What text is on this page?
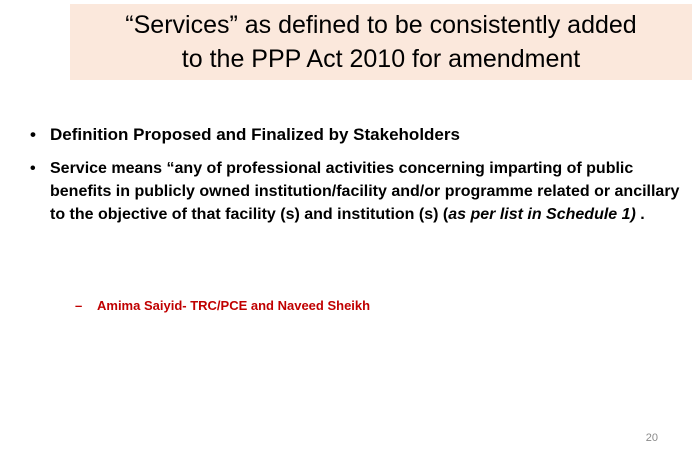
“Services” as defined to be consistently added
to the PPP Act 2010 for amendment
• Definition Proposed and Finalized by Stakeholders
• Service means “any of professional activities concerning imparting of public benefits in publicly owned institution/facility and/or programme related or ancillary to the objective of that facility (s) and institution (s) (as per list in Schedule 1) .
– Amima Saiyid- TRC/PCE and Naveed Sheikh
20
